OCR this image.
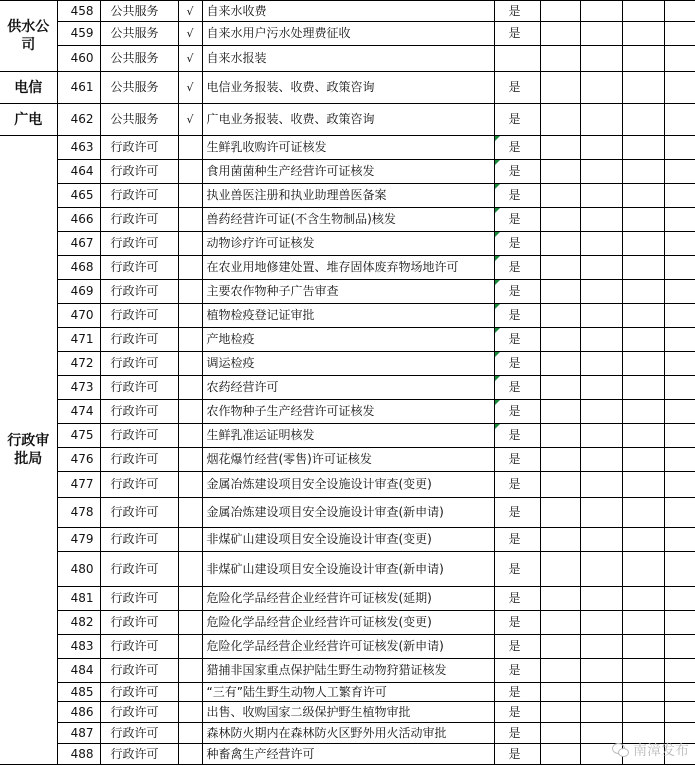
供水公司	458	公共服务	√	自来水收费	是				
	459	公共服务	√	自来水用户污水处理费征收	是				
	460	公共服务	√	自来水报装					
电信	461	公共服务	√	电信业务报装、收费、政策咨询	是				
广电	462	公共服务	√	广电业务报装、收费、政策咨询	是				
行政审批局	463	行政许可		生鲜乳收购许可证核发	是

	464	行政许可		食用菌菌种生产经营许可证核发	是

	465	行政许可		执业兽医注册和执业助理兽医备案	是

	466	行政许可		兽药经营许可证(不含生物制品)核发	是

	467	行政许可		动物诊疗许可证核发	是

	468	行政许可		在农业用地修建处置、堆存固体废弃物场地许可	是

	469	行政许可		主要农作物种子广告审查	是

	470	行政许可		植物检疫登记证审批	是

	471	行政许可		产地检疫	是

	472	行政许可		调运检疫	是

	473	行政许可		农药经营许可	是

	474	行政许可		农作物种子生产经营许可证核发	是

	475	行政许可		生鲜乳准运证明核发	是

	476	行政许可		烟花爆竹经营(零售)许可证核发	是				
	477	行政许可		金属冶炼建设项目安全设施设计审查(变更)	是				
	478	行政许可		金属冶炼建设项目安全设施设计审查(新申请)	是				
	479	行政许可		非煤矿山建设项目安全设施设计审查(变更)	是				
	480	行政许可		非煤矿山建设项目安全设施设计审查(新申请)	是				
	481	行政许可		危险化学品经营企业经营许可证核发(延期)	是				
	482	行政许可		危险化学品经营企业经营许可证核发(变更)	是				
	483	行政许可		危险化学品经营企业经营许可证核发(新申请)	是				
	484	行政许可		猎捕非国家重点保护陆生野生动物狩猎证核发	是				
	485	行政许可		“三有”陆生野生动物人工繁育许可	是				
	486	行政许可		出售、收购国家二级保护野生植物审批	是				
	487	行政许可		森林防火期内在森林防火区野外用火活动审批	是				
	488	行政许可		种畜禽生产经营许可	是					南漳发布
